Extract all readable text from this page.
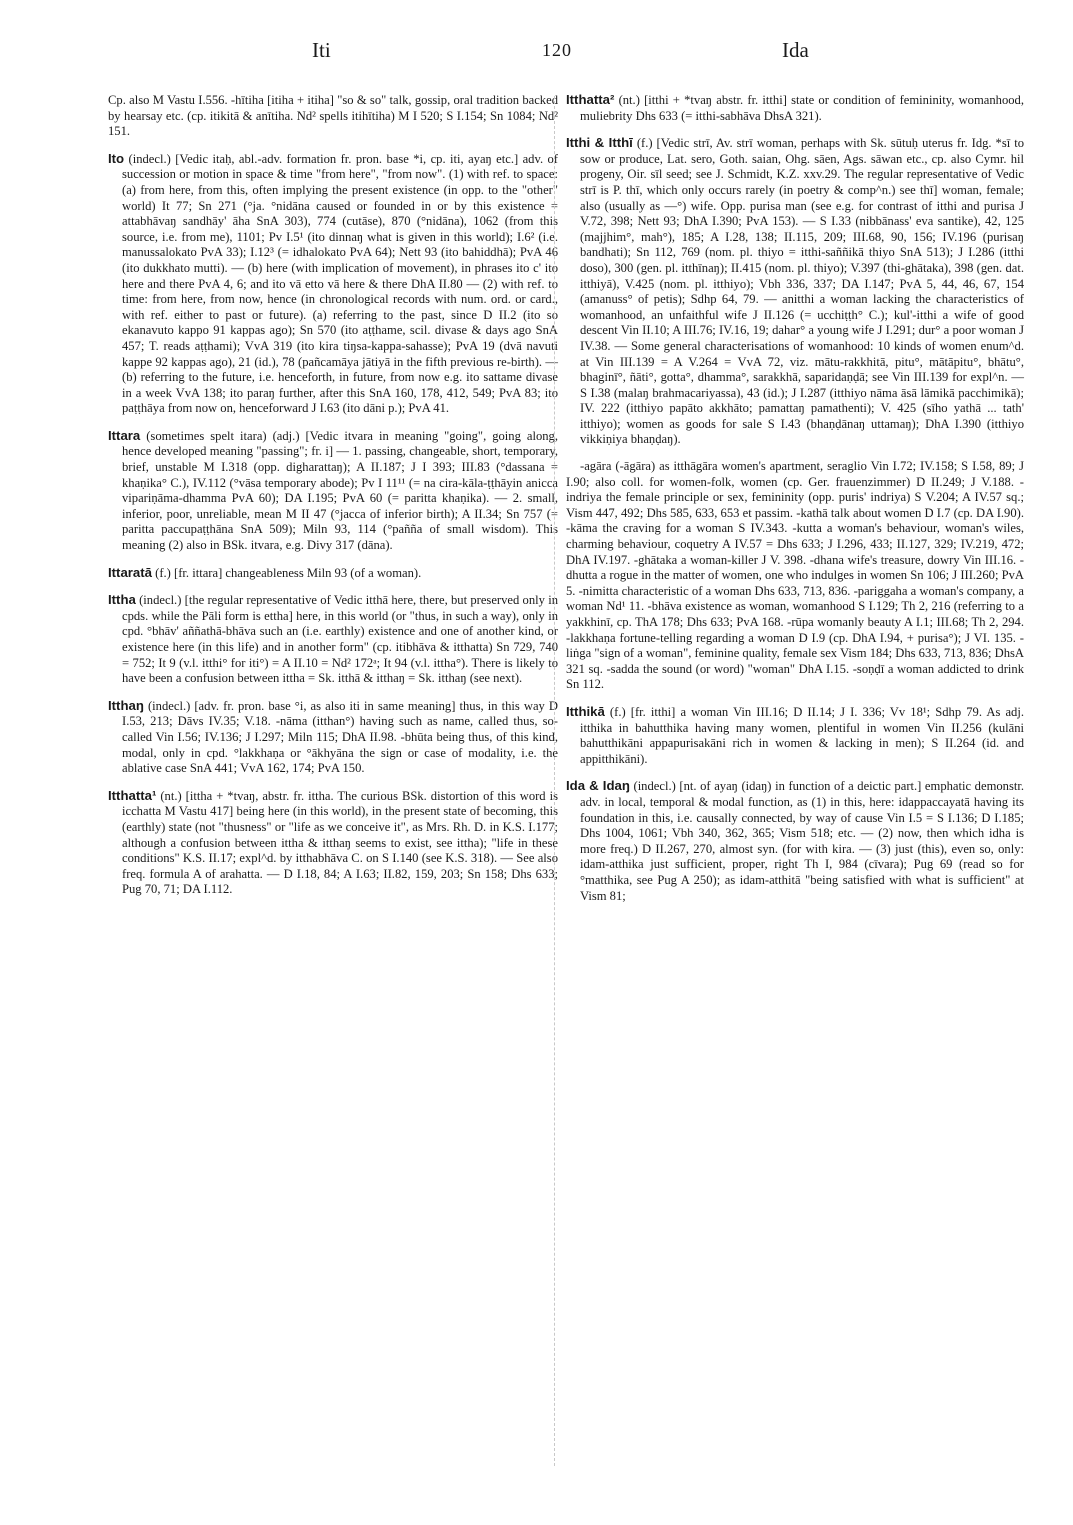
Iti	120	Ida

Cp. also M Vastu I.556. -hītiha [itiha + itiha] "so & so" talk, gossip, oral tradition backed by hearsay etc. (cp. itikitā & anītiha. Nd² spells itihītiha) M I 520; S I.154; Sn 1084; Nd² 151.

Ito (indecl.) [Vedic itaḥ, abl.-adv. formation fr. pron. base *i, cp. iti, ayaŋ etc.] adv. of succession or motion in space & time "from here", "from now". (1) with ref. to space: (a) from here, from this, often implying the present existence (in opp. to the "other" world) It 77; Sn 271 (°ja. °nidāna caused or founded in or by this existence = attabhāvaŋ sandhāy' āha SnA 303), 774 (cutāse), 870 (°nidāna), 1062 (from this source, i.e. from me), 1101; Pv I.5¹ (ito dinnaŋ what is given in this world); I.6² (i.e. manussalokato PvA 33); I.12³ (= idhalokato PvA 64); Nett 93 (ito bahiddhā); PvA 46 (ito dukkhato mutti). — (b) here (with implication of movement), in phrases ito c' ito here and there PvA 4, 6; and ito vā etto vā here & there DhA II.80 — (2) with ref. to time: from here, from now, hence (in chronological records with num. ord. or card., with ref. either to past or future). (a) referring to the past, since D II.2 (ito so ekanavuto kappo 91 kappas ago); Sn 570 (ito aṭṭhame, scil. divase & days ago SnA 457; T. reads aṭṭhami); VvA 319 (ito kira tiŋsa-kappa-sahasse); PvA 19 (dvā navuti kappe 92 kappas ago), 21 (id.), 78 (pañcamāya jātiyā in the fifth previous re-birth). — (b) referring to the future, i.e. henceforth, in future, from now e.g. ito sattame divase in a week VvA 138; ito paraŋ further, after this SnA 160, 178, 412, 549; PvA 83; ito paṭṭhāya from now on, henceforward J I.63 (ito dāni p.); PvA 41.

Ittara (sometimes spelt itara) (adj.) [Vedic itvara in meaning "going", going along, hence developed meaning "passing"; fr. i] — 1. passing, changeable, short, temporary, brief, unstable M I.318 (opp. digharattaŋ); A II.187; J I 393; III.83 (°dassana = khaṇika° C.), IV.112 (°vāsa temporary abode); Pv I 11¹¹ (= na cira-kāla-ṭṭhāyin anicca vipariṇāma-dhamma PvA 60); DA I.195; PvA 60 (= paritta khaṇika). — 2. small, inferior, poor, unreliable, mean M II 47 (°jacca of inferior birth); A II.34; Sn 757 (= paritta paccupaṭṭhāna SnA 509); Miln 93, 114 (°pañña of small wisdom). This meaning (2) also in BSk. itvara, e.g. Divy 317 (dāna).

Ittaratā (f.) [fr. ittara] changeableness Miln 93 (of a woman).

Ittha (indecl.) [the regular representative of Vedic itthā here, there, but preserved only in cpds. while the Pāli form is ettha] here, in this world (or "thus, in such a way), only in cpd. °bhāv' aññathā-bhāva such an (i.e. earthly) existence and one of another kind, or existence here (in this life) and in another form" (cp. itibhāva & itthatta) Sn 729, 740 = 752; It 9 (v.l. itthi° for iti°) = A II.10 = Nd² 172ᵃ; It 94 (v.l. ittha°). There is likely to have been a confusion between ittha = Sk. itthā & itthaŋ = Sk. itthaŋ (see next).

Itthaŋ (indecl.) [adv. fr. pron. base °i, as also iti in same meaning] thus, in this way D I.53, 213; Dāvs IV.35; V.18. -nāma (itthan°) having such as name, called thus, so-called Vin I.56; IV.136; J I.297; Miln 115; DhA II.98. -bhūta being thus, of this kind, modal, only in cpd. °lakkhaṇa or °ākhyāna the sign or case of modality, i.e. the ablative case SnA 441; VvA 162, 174; PvA 150.

Itthatta¹ (nt.) [ittha + *tvaŋ, abstr. fr. ittha. The curious BSk. distortion of this word is icchatta M Vastu 417] being here (in this world), in the present state of becoming, this (earthly) state (not "thusness" or "life as we conceive it", as Mrs. Rh. D. in K.S. I.177; although a confusion between ittha & itthaŋ seems to exist, see ittha); "life in these conditions" K.S. II.17; expl^d. by itthabhāva C. on S I.140 (see K.S. 318). — See also freq. formula A of arahatta. — D I.18, 84; A I.63; II.82, 159, 203; Sn 158; Dhs 633; Pug 70, 71; DA I.112.

Itthatta² (nt.) [itthi + *tvaŋ abstr. fr. itthi] state or condition of femininity, womanhood, muliebrity Dhs 633 (= itthi-sabhāva DhsA 321).

Itthi & Itthī (f.) [Vedic strī, Av. strī woman, perhaps with Sk. sūtuḥ uterus fr. Idg. *sī to sow or produce, Lat. sero, Goth. saian, Ohg. sāen, Ags. sāwan etc., cp. also Cymr. hil progeny, Oir. sīl seed; see J. Schmidt, K.Z. xxv.29. The regular representative of Vedic strī is P. thī, which only occurs rarely (in poetry & comp^n.) see thī] woman, female; also (usually as —°) wife. Opp. purisa man (see e.g. for contrast of itthi and purisa J V.72, 398; Nett 93; DhA I.390; PvA 153). — S I.33 (nibbānass' eva santike), 42, 125 (majjhim°, mah°), 185; A I.28, 138; II.115, 209; III.68, 90, 156; IV.196 (purisaŋ bandhati); Sn 112, 769 (nom. pl. thiyo = itthi-saññikā thiyo SnA 513); J I.286 (itthi doso), 300 (gen. pl. itthīnaŋ); II.415 (nom. pl. thiyo); V.397 (thi-ghātaka), 398 (gen. dat. itthiyā), V.425 (nom. pl. itthiyo); Vbh 336, 337; DA I.147; PvA 5, 44, 46, 67, 154 (amanuss° of petis); Sdhp 64, 79. — anitthi a woman lacking the characteristics of womanhood, an unfaithful wife J II.126 (= ucchiṭṭh° C.); kul'-itthi a wife of good descent Vin II.10; A III.76; IV.16, 19; dahar° a young wife J I.291; dur° a poor woman J IV.38. — Some general characterisations of womanhood: 10 kinds of women enum^d. at Vin III.139 = A V.264 = VvA 72, viz. mātu-rakkhitā, pitu°, mātāpitu°, bhātu°, bhaginī°, ñāti°, gotta°, dhamma°, sarakkhā, saparidaṇḍā; see Vin III.139 for expl^n. — S I.38 (malaŋ brahmacariyassa), 43 (id.); J I.287 (itthiyo nāma āsā lāmikā pacchimikā); IV. 222 (itthiyo papāto akkhāto; pamattaŋ pamathenti); V. 425 (sīho yathā ... tath' itthiyo); women as goods for sale S I.43 (bhaṇḍānaŋ uttamaŋ); DhA I.390 (itthiyo vikkiṇiya bhaṇḍaŋ).

-agāra (-āgāra) as itthāgāra women's apartment, seraglio Vin I.72; IV.158; S I.58, 89; J I.90; also coll. for women-folk, women (cp. Ger. frauenzimmer) D II.249; J V.188. -indriya the female principle or sex, femininity (opp. puris' indriya) S V.204; A IV.57 sq.; Vism 447, 492; Dhs 585, 633, 653 et passim. -kathā talk about women D I.7 (cp. DA I.90). -kāma the craving for a woman S IV.343. -kutta a woman's behaviour, woman's wiles, charming behaviour, coquetry A IV.57 = Dhs 633; J I.296, 433; II.127, 329; IV.219, 472; DhA IV.197. -ghātaka a woman-killer J V. 398. -dhana wife's treasure, dowry Vin III.16. -dhutta a rogue in the matter of women, one who indulges in women Sn 106; J III.260; PvA 5. -nimitta characteristic of a woman Dhs 633, 713, 836. -pariggaha a woman's company, a woman Nd¹ 11. -bhāva existence as woman, womanhood S I.129; Th 2, 216 (referring to a yakkhinī, cp. ThA 178; Dhs 633; PvA 168. -rūpa womanly beauty A I.1; III.68; Th 2, 294. -lakkhaṇa fortune-telling regarding a woman D I.9 (cp. DhA I.94, + purisa°); J VI. 135. -liṅga "sign of a woman", feminine quality, female sex Vism 184; Dhs 633, 713, 836; DhsA 321 sq. -sadda the sound (or word) "woman" DhA I.15. -soṇḍī a woman addicted to drink Sn 112.

Itthikā (f.) [fr. itthi] a woman Vin III.16; D II.14; J I. 336; Vv 18¹; Sdhp 79. As adj. itthika in bahutthika having many women, plentiful in women Vin II.256 (kulāni bahutthikāni appapurisakāni rich in women & lacking in men); S II.264 (id. and appitthikāni).

Ida & Idaŋ (indecl.) [nt. of ayaŋ (idaŋ) in function of a deictic part.] emphatic demonstr. adv. in local, temporal & modal function, as (1) in this, here: idappaccayatā having its foundation in this, i.e. causally connected, by way of cause Vin I.5 = S I.136; D I.185; Dhs 1004, 1061; Vbh 340, 362, 365; Vism 518; etc. — (2) now, then which idha is more freq.) D II.267, 270, almost syn. (for with kira. — (3) just (this), even so, only: idam-atthika just sufficient, proper, right Th I, 984 (cīvara); Pug 69 (read so for °matthika, see Pug A 250); as idam-atthitā "being satisfied with what is sufficient" at Vism 81;
